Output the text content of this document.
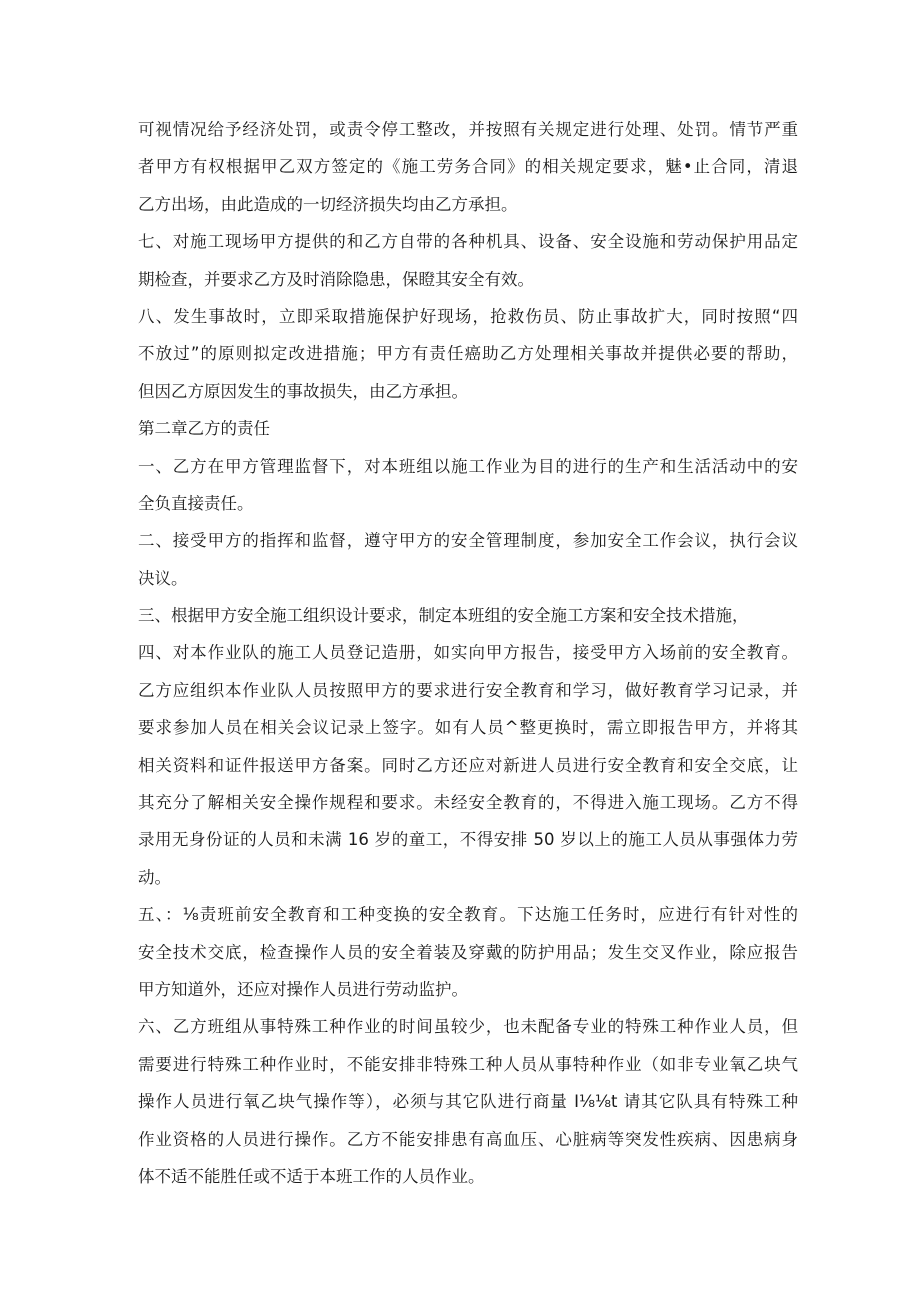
可视情况给予经济处罚，或责令停工整改，并按照有关规定进行处理、处罚。情节严重
者甲方有权根据甲乙双方签定的《施工劳务合同》的相关规定要求，魅•止合同，清退
乙方出场，由此造成的一切经济损失均由乙方承担。
七、对施工现场甲方提供的和乙方自带的各种机具、设备、安全设施和劳动保护用品定
期检查，并要求乙方及时消除隐患，保瞪其安全有效。
八、发生事故时，立即采取措施保护好现场，抢救伤员、防止事故扩大，同时按照“四
不放过”的原则拟定改进措施；甲方有责任癌助乙方处理相关事故并提供必要的帮助，
但因乙方原因发生的事故损失，由乙方承担。
第二章乙方的责任
一、乙方在甲方管理监督下，对本班组以施工作业为目的进行的生产和生活活动中的安
全负直接责任。
二、接受甲方的指挥和监督，遵守甲方的安全管理制度，参加安全工作会议，执行会议
决议。
三、根据甲方安全施工组织设计要求，制定本班组的安全施工方案和安全技术措施，
四、对本作业队的施工人员登记造册，如实向甲方报告，接受甲方入场前的安全教育。
乙方应组织本作业队人员按照甲方的要求进行安全教育和学习，做好教育学习记录，并
要求参加人员在相关会议记录上签字。如有人员^整更换时，需立即报告甲方，并将其
相关资料和证件报送甲方备案。同时乙方还应对新进人员进行安全教育和安全交底，让
其充分了解相关安全操作规程和要求。未经安全教育的，不得进入施工现场。乙方不得
录用无身份证的人员和未满 16 岁的童工，不得安排 50 岁以上的施工人员从事强体力劳
动。
五、：⅛责班前安全教育和工种变换的安全教育。下达施工任务时，应进行有针对性的
安全技术交底，检查操作人员的安全着装及穿戴的防护用品；发生交叉作业，除应报告
甲方知道外，还应对操作人员进行劳动监护。
六、乙方班组从事特殊工种作业的时间虽较少，也未配备专业的特殊工种作业人员，但
需要进行特殊工种作业时，不能安排非特殊工种人员从事特种作业（如非专业氧乙块气
操作人员进行氧乙块气操作等），必须与其它队进行商量 I⅛⅛t 请其它队具有特殊工种
作业资格的人员进行操作。乙方不能安排患有高血压、心脏病等突发性疾病、因患病身
体不适不能胜任或不适于本班工作的人员作业。
